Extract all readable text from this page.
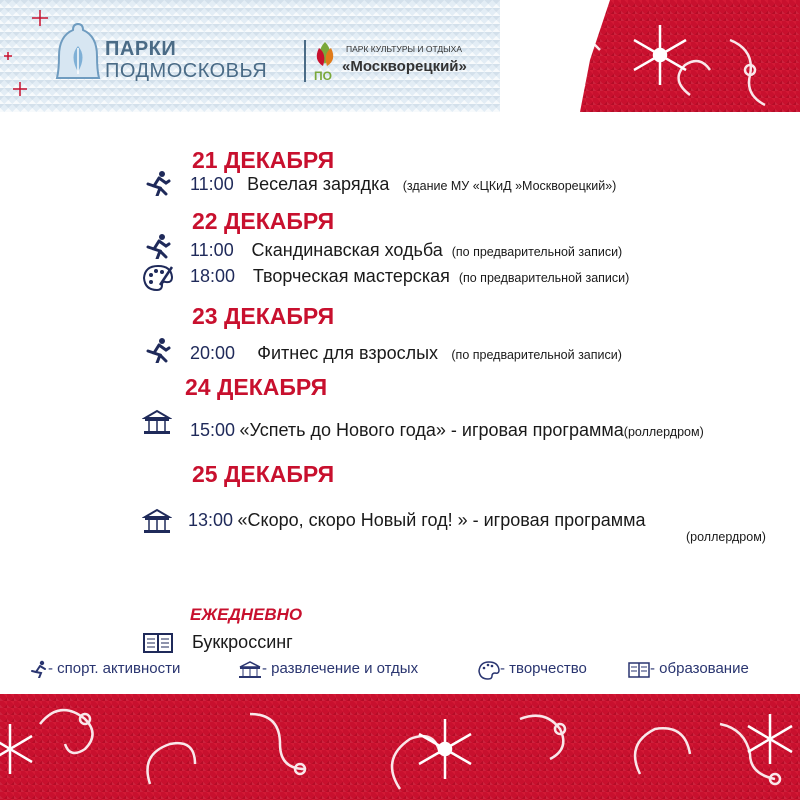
ПАРКИ
ПОДМОСКОВЬЯ	ПО
ПАРК КУЛЬТУРЫ И ОТДЫХА
«Москворецкий»
21 ДЕКАБРЯ
11:00 Веселая зарядка (здание МУ «ЦКиД »Москворецкий»)
22 ДЕКАБРЯ
11:00 Скандинавская ходьба (по предварительной записи)
18:00 Творческая мастерская (по предварительной записи)
23 ДЕКАБРЯ
20:00 Фитнес для взрослых (по предварительной записи)
24 ДЕКАБРЯ
15:00 «Успеть до Нового года» - игровая программа(роллердром)
25 ДЕКАБРЯ
13:00 «Скоро, скоро Новый год! » - игровая программа
(роллердром)
ЕЖЕДНЕВНО
Буккроссинг
- спорт. активности	- развлечение и отдых	- творчество	- образование
